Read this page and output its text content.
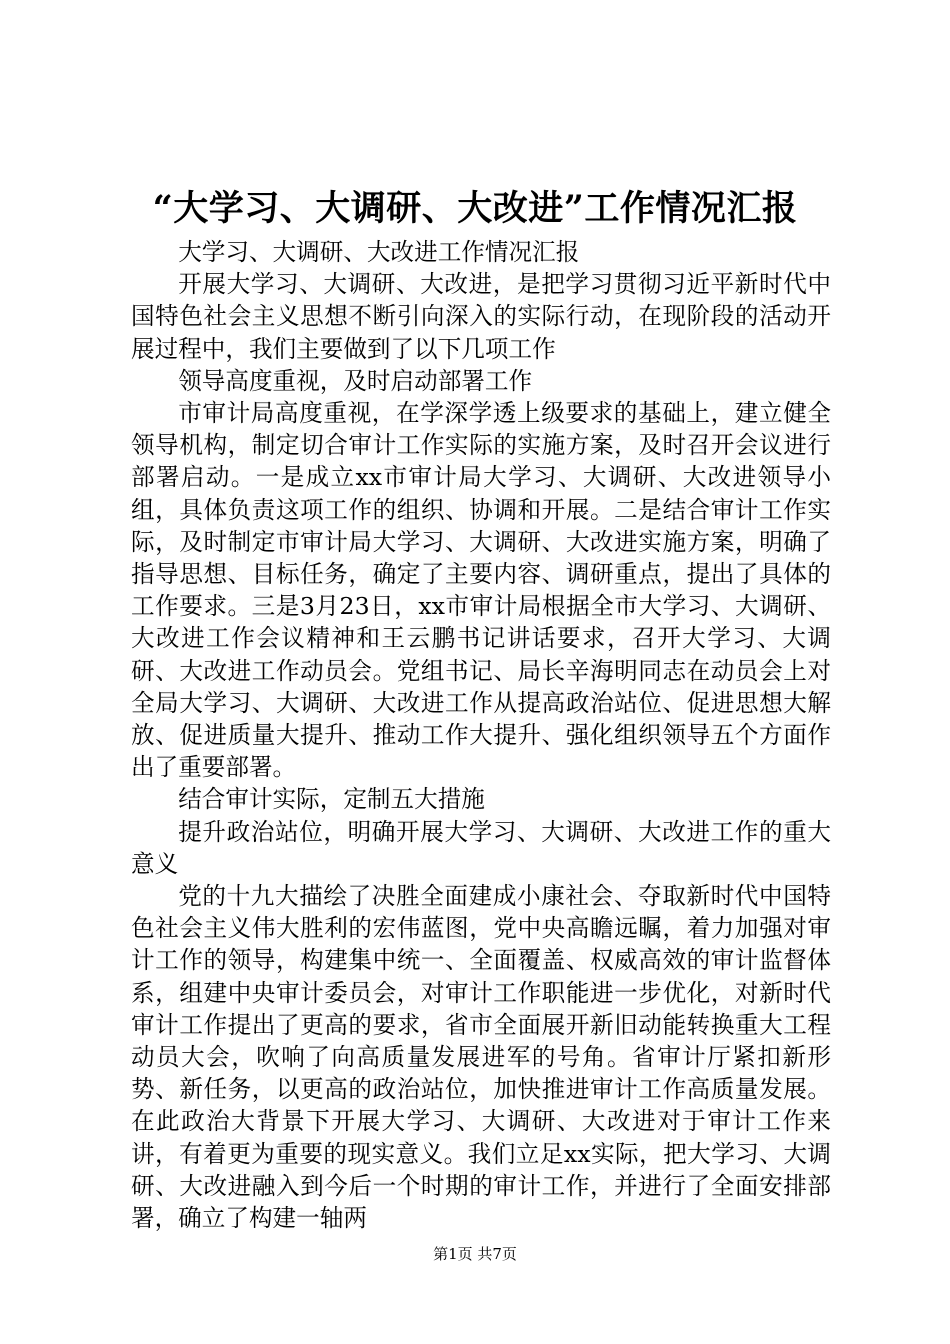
“大学习、大调研、大改进”工作情况汇报

大学习、大调研、大改进工作情况汇报

开展大学习、大调研、大改进，是把学习贯彻习近平新时代中国特色社会主义思想不断引向深入的实际行动，在现阶段的活动开展过程中，我们主要做到了以下几项工作

领导高度重视，及时启动部署工作

市审计局高度重视，在学深学透上级要求的基础上，建立健全领导机构，制定切合审计工作实际的实施方案，及时召开会议进行部署启动。一是成立xx市审计局大学习、大调研、大改进领导小组，具体负责这项工作的组织、协调和开展。二是结合审计工作实际，及时制定市审计局大学习、大调研、大改进实施方案，明确了指导思想、目标任务，确定了主要内容、调研重点，提出了具体的工作要求。三是3月23日，xx市审计局根据全市大学习、大调研、大改进工作会议精神和王云鹏书记讲话要求，召开大学习、大调研、大改进工作动员会。党组书记、局长辛海明同志在动员会上对全局大学习、大调研、大改进工作从提高政治站位、促进思想大解放、促进质量大提升、推动工作大提升、强化组织领导五个方面作出了重要部署。

结合审计实际，定制五大措施

提升政治站位，明确开展大学习、大调研、大改进工作的重大意义

党的十九大描绘了决胜全面建成小康社会、夺取新时代中国特色社会主义伟大胜利的宏伟蓝图，党中央高瞻远瞩，着力加强对审计工作的领导，构建集中统一、全面覆盖、权威高效的审计监督体系，组建中央审计委员会，对审计工作职能进一步优化，对新时代审计工作提出了更高的要求，省市全面展开新旧动能转换重大工程动员大会，吹响了向高质量发展进军的号角。省审计厅紧扣新形势、新任务，以更高的政治站位，加快推进审计工作高质量发展。在此政治大背景下开展大学习、大调研、大改进对于审计工作来讲，有着更为重要的现实意义。我们立足xx实际，把大学习、大调研、大改进融入到今后一个时期的审计工作，并进行了全面安排部署，确立了构建一轴两

第1页 共7页
